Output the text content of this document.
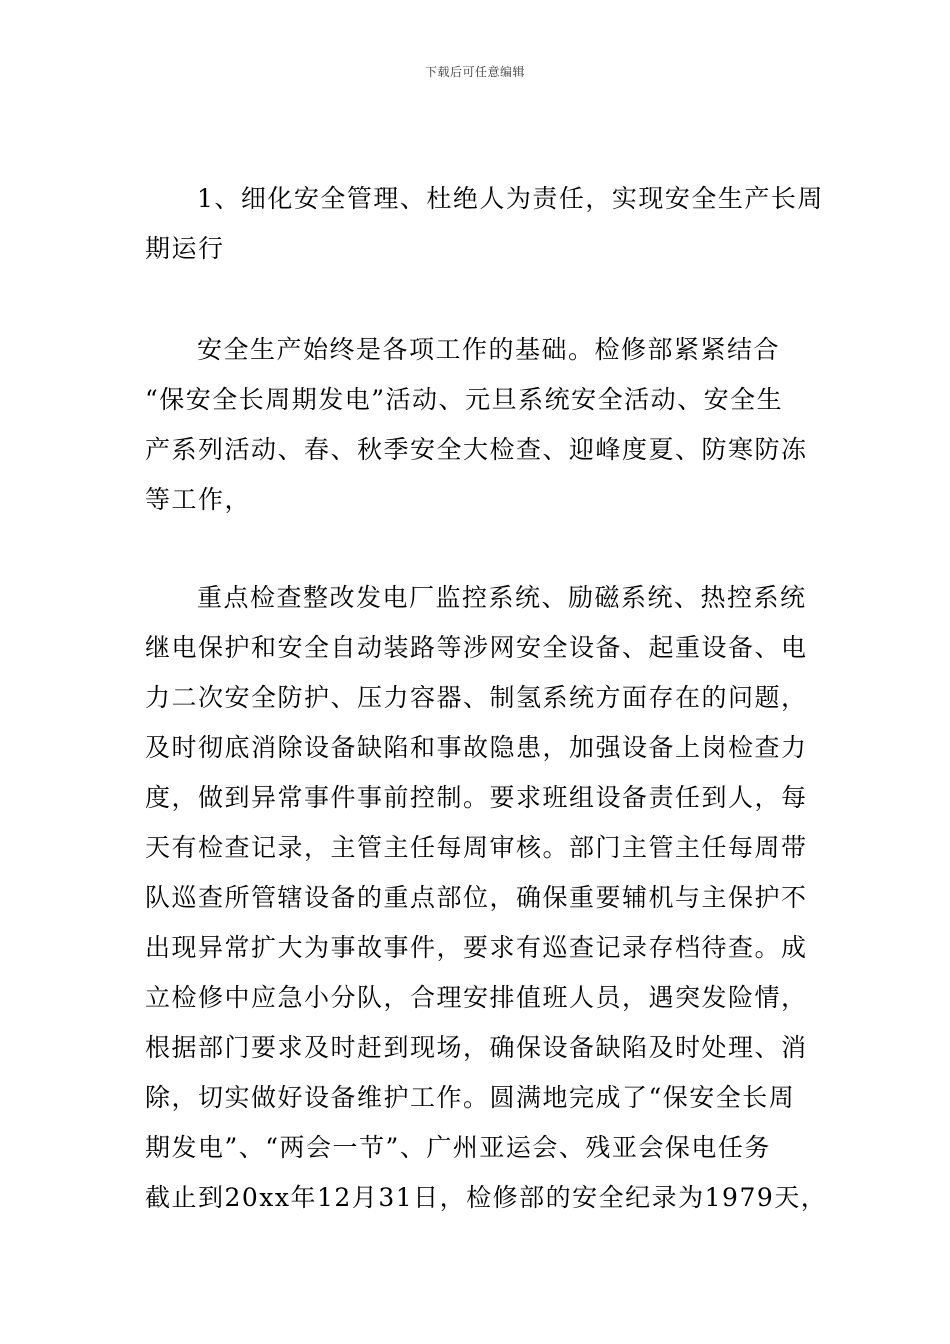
下载后可任意编辑
1、细化安全管理、杜绝人为责任，实现安全生产长周
期运行
安全生产始终是各项工作的基础。检修部紧紧结合
“保安全长周期发电”活动、元旦系统安全活动、安全生
产系列活动、春、秋季安全大检查、迎峰度夏、防寒防冻
等工作，
重点检查整改发电厂监控系统、励磁系统、热控系统
继电保护和安全自动装路等涉网安全设备、起重设备、电
力二次安全防护、压力容器、制氢系统方面存在的问题，
及时彻底消除设备缺陷和事故隐患，加强设备上岗检查力
度，做到异常事件事前控制。要求班组设备责任到人，每
天有检查记录，主管主任每周审核。部门主管主任每周带
队巡查所管辖设备的重点部位，确保重要辅机与主保护不
出现异常扩大为事故事件，要求有巡查记录存档待查。成
立检修中应急小分队，合理安排值班人员，遇突发险情，
根据部门要求及时赶到现场，确保设备缺陷及时处理、消
除，切实做好设备维护工作。圆满地完成了“保安全长周
期发电”、“两会一节”、广州亚运会、残亚会保电任务
截止到20xx年12月31日，检修部的安全纪录为1979天，
